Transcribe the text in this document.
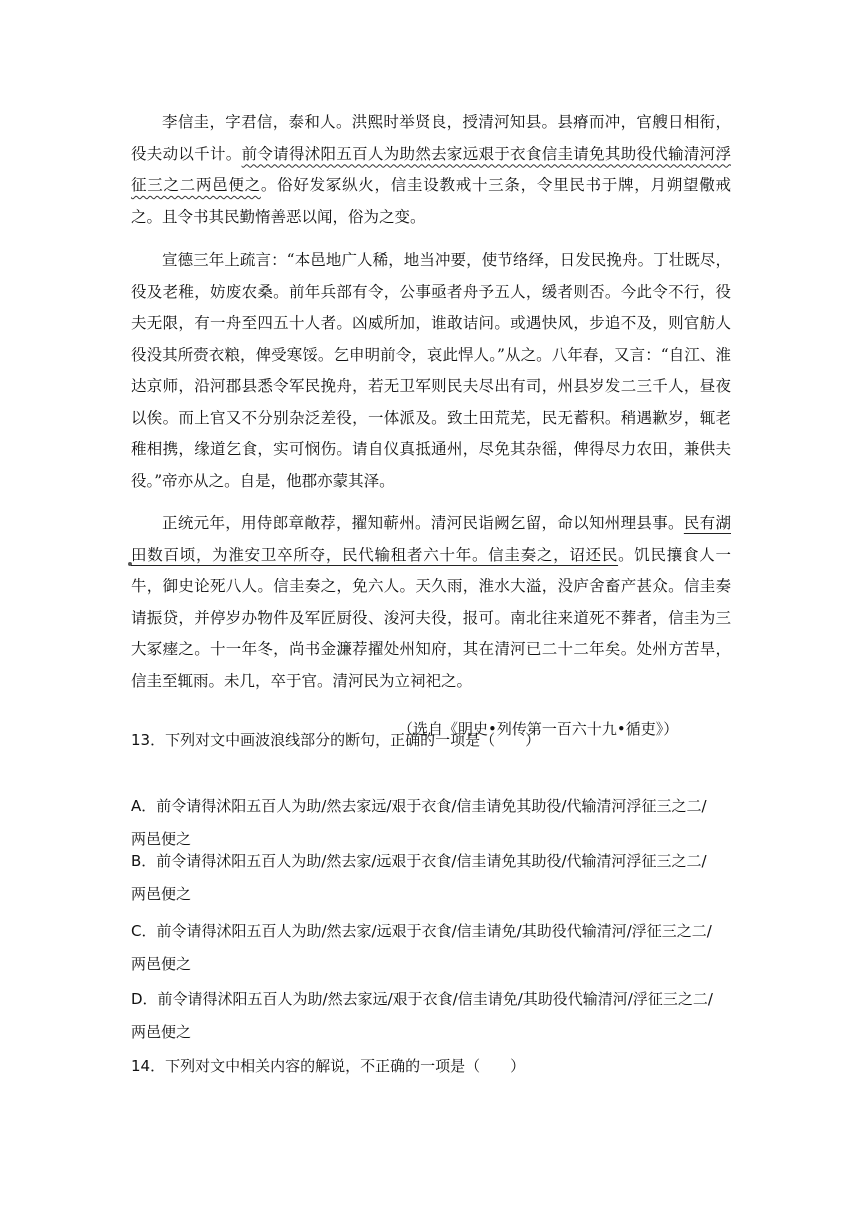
李信圭，字君信，泰和人。洪熙时举贤良，授清河知县。县瘠而冲，官艘日相衔，役夫动以千计。前令请得沭阳五百人为助然去家远艰于衣食信圭请免其助役代输清河浮征三之二两邑便之。俗好发冢纵火，信圭设教戒十三条，令里民书于牌，月朔望儆戒之。且令书其民勤惰善恶以闻，俗为之变。

宣德三年上疏言：“本邑地广人稀，地当冲要，使节络绎，日发民挽舟。丁壮既尽，役及老稚，妨废农桑。前年兵部有令，公事亟者舟予五人，缓者则否。今此令不行，役夫无限，有一舟至四五十人者。凶威所加，谁敢诘问。或遇快风，步追不及，则官舫人役没其所赍衣粮，俾受寒馁。乞申明前令，哀此悍人。”从之。八年春，又言：“自江、淮达京师，沿河郡县悉令军民挽舟，若无卫军则民夫尽出有司，州县岁发二三千人，昼夜以俟。而上官又不分别杂泛差役，一体派及。致土田荒芜，民无蓄积。稍遇歉岁，辄老稚相携，缘道乞食，实可悯伤。请自仪真抵通州，尽免其杂徭，俾得尽力农田，兼供夫役。”帝亦从之。自是，他郡亦蒙其泽。

正统元年，用侍郎章敞荐，擢知蕲州。清河民诣阙乞留，命以知州理县事。民有湖田数百顷，为淮安卫卒所夺，民代输租者六十年。信圭奏之，诏还民。饥民攘食人一牛，御史论死八人。信圭奏之，免六人。天久雨，淮水大溢，没庐舍畜产甚众。信圭奏请振贷，并停岁办物件及军匠厨役、浚河夫役，报可。南北往来道死不葬者，信圭为三大冢瘗之。十一年冬，尚书金濂荐擢处州知府，其在清河已二十二年矣。处州方苦旱，信圭至辄雨。未几，卒于官。清河民为立祠祀之。

（选自《明史•列传第一百六十九•循吏》）

13．下列对文中画波浪线部分的断句，正确的一项是（　　）

A．前令请得沭阳五百人为助/然去家远/艰于衣食/信圭请免其助役/代输清河浮征三之二/
两邑便之

B．前令请得沭阳五百人为助/然去家/远艰于衣食/信圭请免其助役/代输清河浮征三之二/
两邑便之

C．前令请得沭阳五百人为助/然去家/远艰于衣食/信圭请免/其助役代输清河/浮征三之二/
两邑便之

D．前令请得沭阳五百人为助/然去家远/艰于衣食/信圭请免/其助役代输清河/浮征三之二/
两邑便之

14．下列对文中相关内容的解说，不正确的一项是（　　）
